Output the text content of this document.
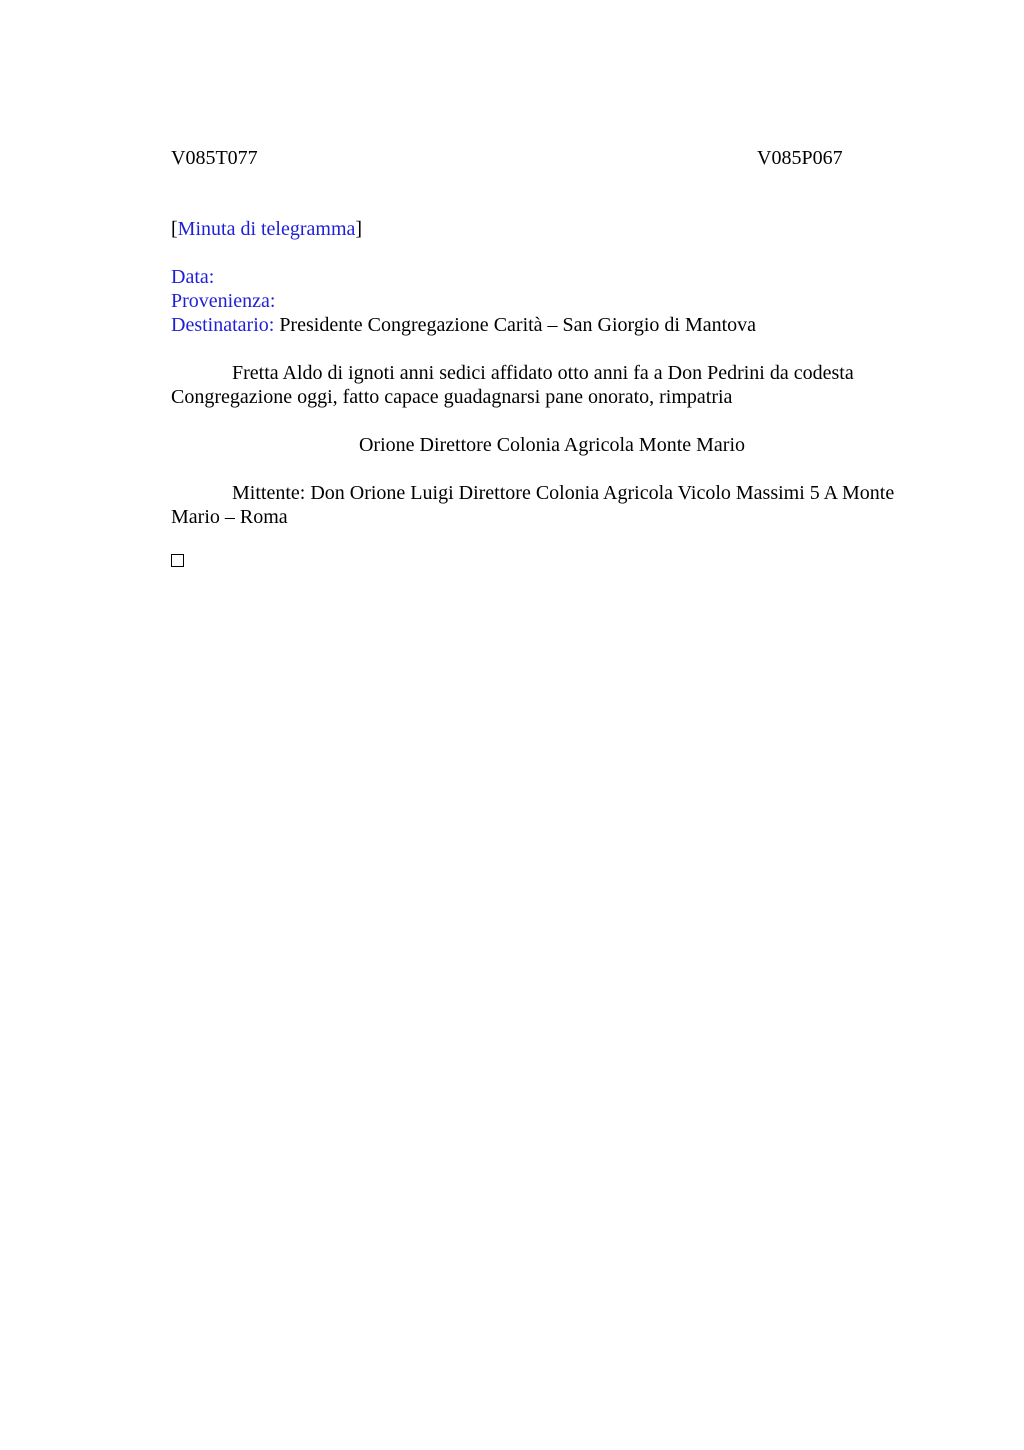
V085T077	V085P067
[Minuta di telegramma]
Data:
Provenienza:
Destinatario: Presidente Congregazione Carità – San Giorgio di Mantova
Fretta Aldo di ignoti anni sedici affidato otto anni fa a Don Pedrini da codesta Congregazione oggi, fatto capace guadagnarsi pane onorato, rimpatria
Orione Direttore Colonia Agricola Monte Mario
Mittente: Don Orione Luigi Direttore Colonia Agricola Vicolo Massimi 5 A Monte Mario – Roma
